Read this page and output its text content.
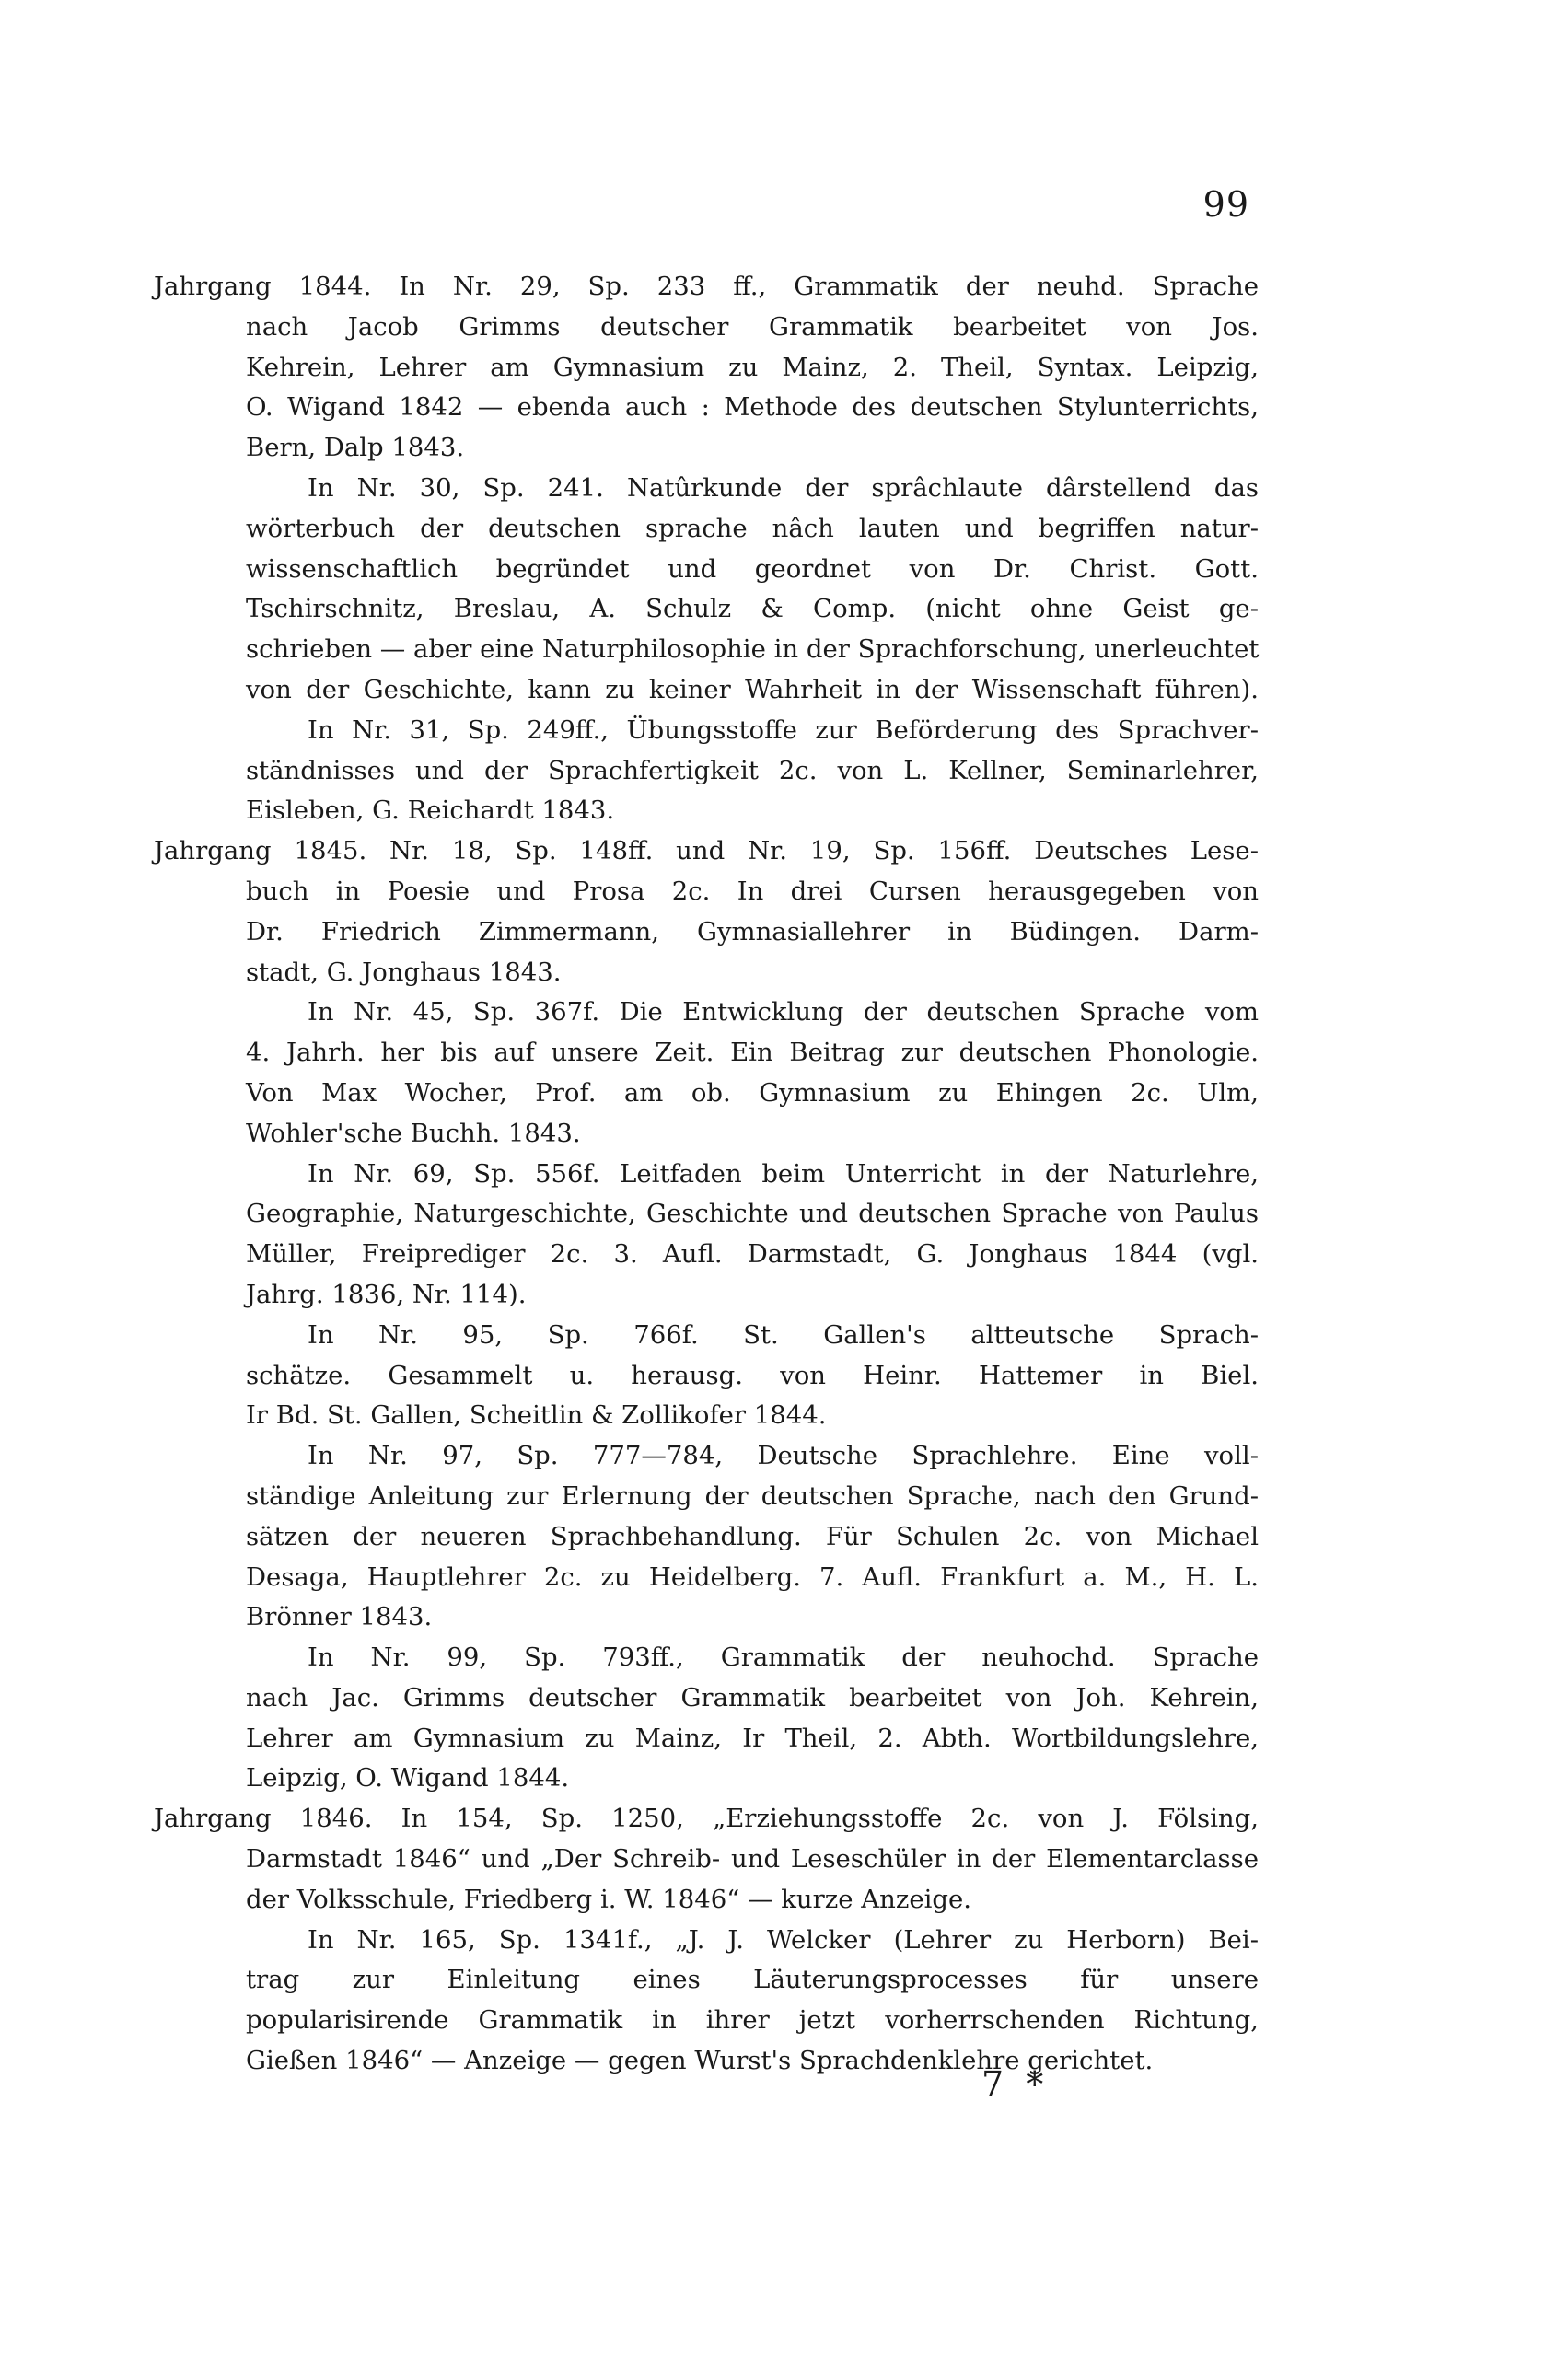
99
Jahrgang 1844. In Nr. 29, Sp. 233 ff., Grammatik der neuhd. Sprache
nach Jacob Grimms deutscher Grammatik bearbeitet von Jos.
Kehrein, Lehrer am Gymnasium zu Mainz, 2. Theil, Syntax. Leipzig,
O. Wigand 1842 — ebenda auch : Methode des deutschen Stylunterrichts,
Bern, Dalp 1843.
In Nr. 30, Sp. 241. Natûrkunde der sprâchlaute dârstellend das
wörterbuch der deutschen sprache nâch lauten und begriffen natur-
wissenschaftlich begründet und geordnet von Dr. Christ. Gott.
Tschirschnitz, Breslau, A. Schulz & Comp. (nicht ohne Geist ge-
schrieben — aber eine Naturphilosophie in der Sprachforschung, unerleuchtet
von der Geschichte, kann zu keiner Wahrheit in der Wissenschaft führen).
In Nr. 31, Sp. 249ff., Übungsstoffe zur Beförderung des Sprachver-
ständnisses und der Sprachfertigkeit 2c. von L. Kellner, Seminarlehrer,
Eisleben, G. Reichardt 1843.
Jahrgang 1845. Nr. 18, Sp. 148ff. und Nr. 19, Sp. 156ff. Deutsches Lese-
buch in Poesie und Prosa 2c. In drei Cursen herausgegeben von
Dr. Friedrich Zimmermann, Gymnasiallehrer in Büdingen. Darm-
stadt, G. Jonghaus 1843.
In Nr. 45, Sp. 367f. Die Entwicklung der deutschen Sprache vom
4. Jahrh. her bis auf unsere Zeit. Ein Beitrag zur deutschen Phonologie.
Von Max Wocher, Prof. am ob. Gymnasium zu Ehingen 2c. Ulm,
Wohler'sche Buchh. 1843.
In Nr. 69, Sp. 556f. Leitfaden beim Unterricht in der Naturlehre,
Geographie, Naturgeschichte, Geschichte und deutschen Sprache von Paulus
Müller, Freiprediger 2c. 3. Aufl. Darmstadt, G. Jonghaus 1844 (vgl.
Jahrg. 1836, Nr. 114).
In Nr. 95, Sp. 766f. St. Gallen's altteutsche Sprach-
schätze. Gesammelt u. herausg. von Heinr. Hattemer in Biel.
Ir Bd. St. Gallen, Scheitlin & Zollikofer 1844.
In Nr. 97, Sp. 777—784, Deutsche Sprachlehre. Eine voll-
ständige Anleitung zur Erlernung der deutschen Sprache, nach den Grund-
sätzen der neueren Sprachbehandlung. Für Schulen 2c. von Michael
Desaga, Hauptlehrer 2c. zu Heidelberg. 7. Aufl. Frankfurt a. M., H. L.
Brönner 1843.
In Nr. 99, Sp. 793ff., Grammatik der neuhochd. Sprache
nach Jac. Grimms deutscher Grammatik bearbeitet von Joh. Kehrein,
Lehrer am Gymnasium zu Mainz, Ir Theil, 2. Abth. Wortbildungslehre,
Leipzig, O. Wigand 1844.
Jahrgang 1846. In 154, Sp. 1250, „Erziehungsstoffe 2c. von J. Fölsing,
Darmstadt 1846“ und „Der Schreib- und Leseschüler in der Elementarclasse
der Volksschule, Friedberg i. W. 1846“ — kurze Anzeige.
In Nr. 165, Sp. 1341f., „J. J. Welcker (Lehrer zu Herborn) Bei-
trag zur Einleitung eines Läuterungsprocesses für unsere
popularisirende Grammatik in ihrer jetzt vorherrschenden Richtung,
Gießen 1846“ — Anzeige — gegen Wurst's Sprachdenklehre gerichtet.
7 *
